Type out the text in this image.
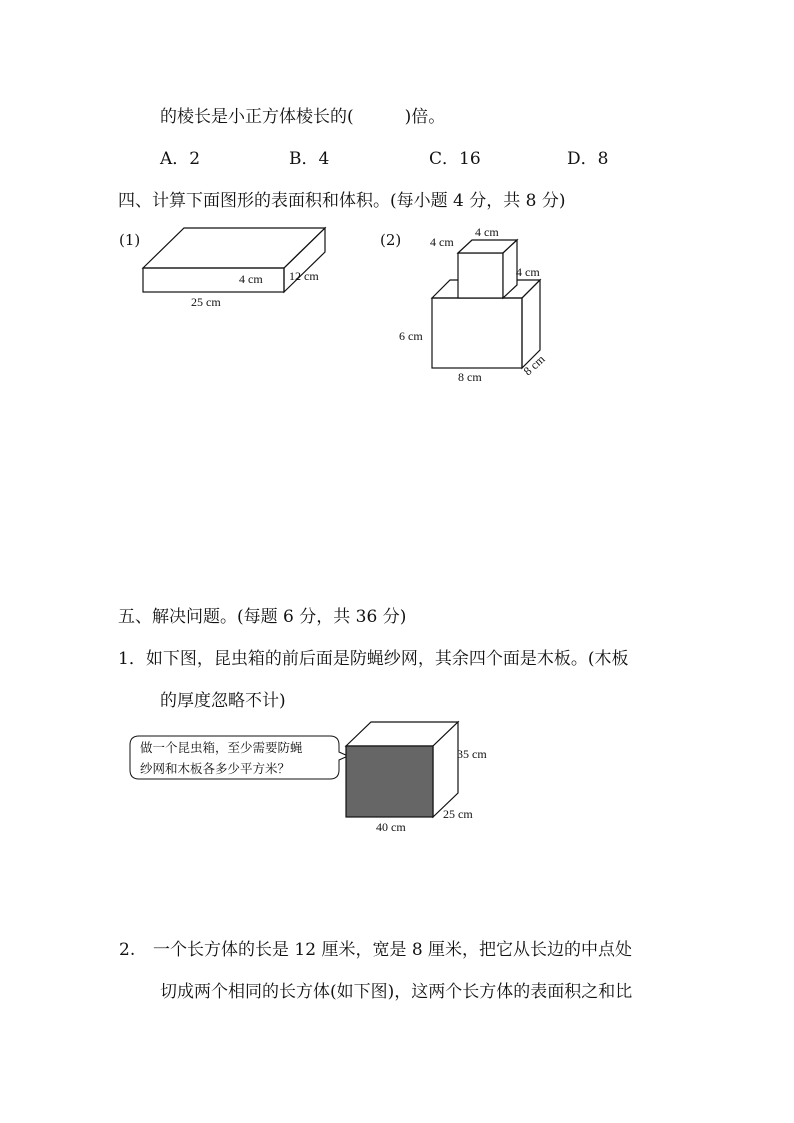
的棱长是小正方体棱长的(　　　)倍。
A．2	B．4	C．16	D．8
四、计算下面图形的表面积和体积。(每小题 4 分，共 8 分)
(1)
4 cm 12 cm
25 cm
(2)	4 cm
4 cm
4 cm
6 cm
8 cm	8 cm
五、解决问题。(每题 6 分，共 36 分)
1．如下图，昆虫箱的前后面是防蝇纱网，其余四个面是木板。(木板
的厚度忽略不计)
做一个昆虫箱，至少需要防蝇
纱网和木板各多少平方米？
35 cm
25 cm
40 cm
2. 一个长方体的长是 12 厘米，宽是 8 厘米，把它从长边的中点处
切成两个相同的长方体(如下图)，这两个长方体的表面积之和比
